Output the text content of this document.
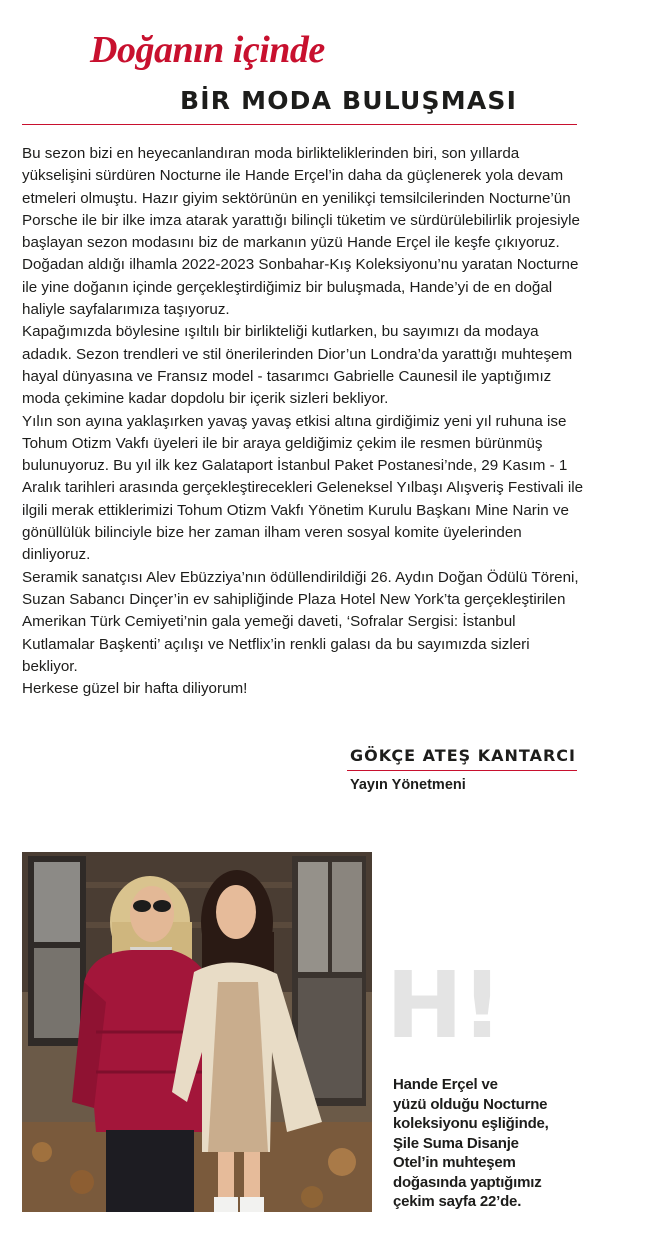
Doğanın içinde
BİR MODA BULUŞMASI

Bu sezon bizi en heyecanlandıran moda birlikteliklerinden biri, son yıllarda yükselişini sürdüren Nocturne ile Hande Erçel’in daha da güçlenerek yola devam etmeleri olmuştu. Hazır giyim sektörünün en yenilikçi temsilcilerinden Nocturne’ün Porsche ile bir ilke imza atarak yarattığı bilinçli tüketim ve sürdürülebilirlik projesiyle başlayan sezon modasını biz de markanın yüzü Hande Erçel ile keşfe çıkıyoruz. Doğadan aldığı ilhamla 2022-2023 Sonbahar-Kış Koleksiyonu’nu yaratan Nocturne ile yine doğanın içinde gerçekleştirdiğimiz bir buluşmada, Hande’yi de en doğal haliyle sayfalarımıza taşıyoruz.

Kapağımızda böylesine ışıltılı bir birlikteliği kutlarken, bu sayımızı da modaya adadık. Sezon trendleri ve stil önerilerinden Dior’un Londra’da yarattığı muhteşem hayal dünyasına ve Fransız model - tasarımcı Gabrielle Caunesil ile yaptığımız moda çekimine kadar dopdolu bir içerik sizleri bekliyor.

Yılın son ayına yaklaşırken yavaş yavaş etkisi altına girdiğimiz yeni yıl ruhuna ise Tohum Otizm Vakfı üyeleri ile bir araya geldiğimiz çekim ile resmen bürünmüş bulunuyoruz. Bu yıl ilk kez Galataport İstanbul Paket Postanesi’nde, 29 Kasım - 1 Aralık tarihleri arasında gerçekleştirecekleri Geleneksel Yılbaşı Alışveriş Festivali ile ilgili merak ettiklerimizi Tohum Otizm Vakfı Yönetim Kurulu Başkanı Mine Narin ve gönüllülük bilinciyle bize her zaman ilham veren sosyal komite üyelerinden dinliyoruz.

Seramik sanatçısı Alev Ebüzziya’nın ödüllendirildiği 26. Aydın Doğan Ödülü Töreni, Suzan Sabancı Dinçer’in ev sahipliğinde Plaza Hotel New York’ta gerçekleştirilen Amerikan Türk Cemiyeti’nin gala yemeği daveti, ‘Sofralar Sergisi: İstanbul Kutlamalar Başkenti’ açılışı ve Netflix’in renkli galası da bu sayımızda sizleri bekliyor.

Herkese güzel bir hafta diliyorum!

GÖKÇE ATEŞ KANTARCI
Yayın Yönetmeni
H!
Hande Erçel ve
yüzü olduğu Nocturne
koleksiyonu eşliğinde,
Şile Suma Disanje
Otel’in muhteşem
doğasında yaptığımız
çekim sayfa 22’de.
